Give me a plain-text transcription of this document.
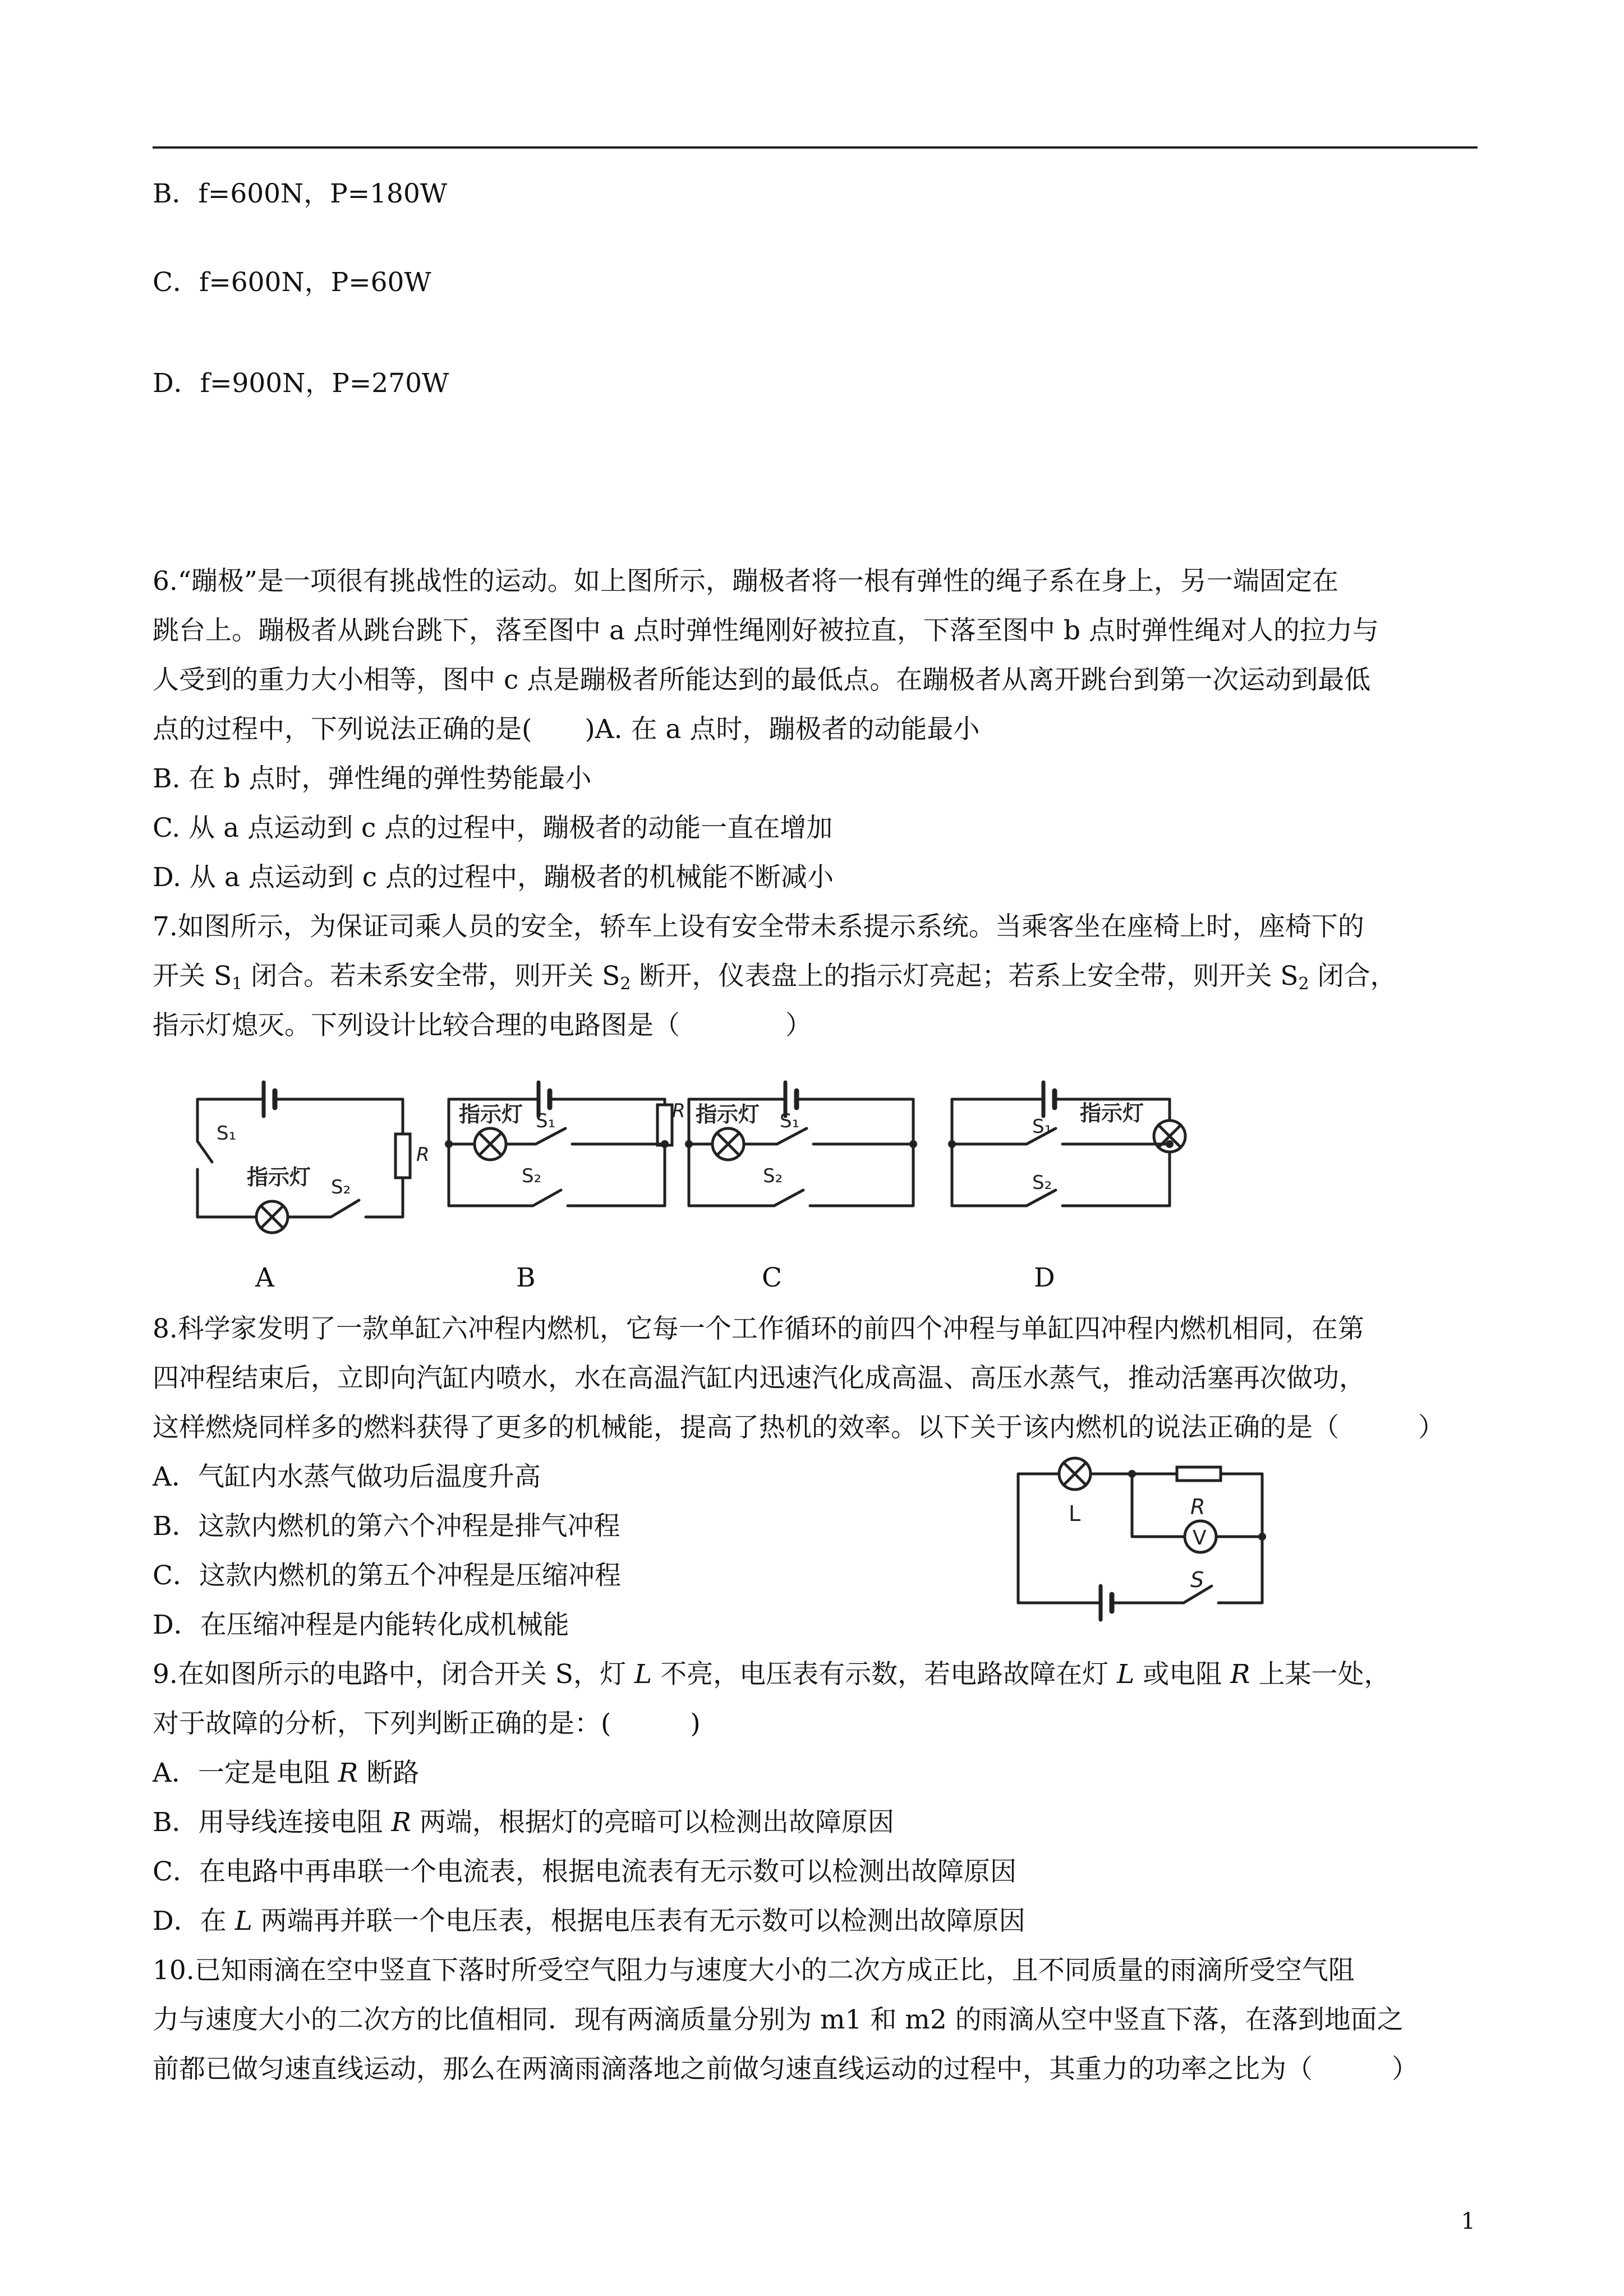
B．f=600N，P=180W
C．f=600N，P=60W
D．f=900N，P=270W
6.“蹦极”是一项很有挑战性的运动。如上图所示，蹦极者将一根有弹性的绳子系在身上，另一端固定在
跳台上。蹦极者从跳台跳下，落至图中 a 点时弹性绳刚好被拉直，下落至图中 b 点时弹性绳对人的拉力与
人受到的重力大小相等，图中 c 点是蹦极者所能达到的最低点。在蹦极者从离开跳台到第一次运动到最低
点的过程中，下列说法正确的是(　　)A. 在 a 点时，蹦极者的动能最小
B. 在 b 点时，弹性绳的弹性势能最小
C. 从 a 点运动到 c 点的过程中，蹦极者的动能一直在增加
D. 从 a 点运动到 c 点的过程中，蹦极者的机械能不断减小
7.如图所示，为保证司乘人员的安全，轿车上设有安全带未系提示系统。当乘客坐在座椅上时，座椅下的
开关 $S_1$ 闭合。若未系安全带，则开关 $S_2$ 断开，仪表盘上的指示灯亮起；若系上安全带，则开关 $S_2$ 闭合，
指示灯熄灭。下列设计比较合理的电路图是（　　　　）
S₁
指示灯 S₂
R
指示灯 S₁
S₂
R 指示灯 S₁
S₂
指示灯
S₁
S₂
A	B	C	D
8.科学家发明了一款单缸六冲程内燃机，它每一个工作循环的前四个冲程与单缸四冲程内燃机相同，在第
四冲程结束后，立即向汽缸内喷水，水在高温汽缸内迅速汽化成高温、高压水蒸气，推动活塞再次做功，
这样燃烧同样多的燃料获得了更多的机械能，提高了热机的效率。以下关于该内燃机的说法正确的是（　　　）
A．气缸内水蒸气做功后温度升高
B．这款内燃机的第六个冲程是排气冲程
C．这款内燃机的第五个冲程是压缩冲程
D．在压缩冲程是内能转化成机械能
L	R
V
S
9.在如图所示的电路中，闭合开关 S，灯 L 不亮，电压表有示数，若电路故障在灯 L 或电阻 R 上某一处，
对于故障的分析，下列判断正确的是：(　　　)
A．一定是电阻 R 断路
B．用导线连接电阻 R 两端，根据灯的亮暗可以检测出故障原因
C．在电路中再串联一个电流表，根据电流表有无示数可以检测出故障原因
D．在 L 两端再并联一个电压表，根据电压表有无示数可以检测出故障原因
10.已知雨滴在空中竖直下落时所受空气阻力与速度大小的二次方成正比，且不同质量的雨滴所受空气阻
力与速度大小的二次方的比值相同．现有两滴质量分别为 m1 和 m2 的雨滴从空中竖直下落，在落到地面之
前都已做匀速直线运动，那么在两滴雨滴落地之前做匀速直线运动的过程中，其重力的功率之比为（　　　）
1
